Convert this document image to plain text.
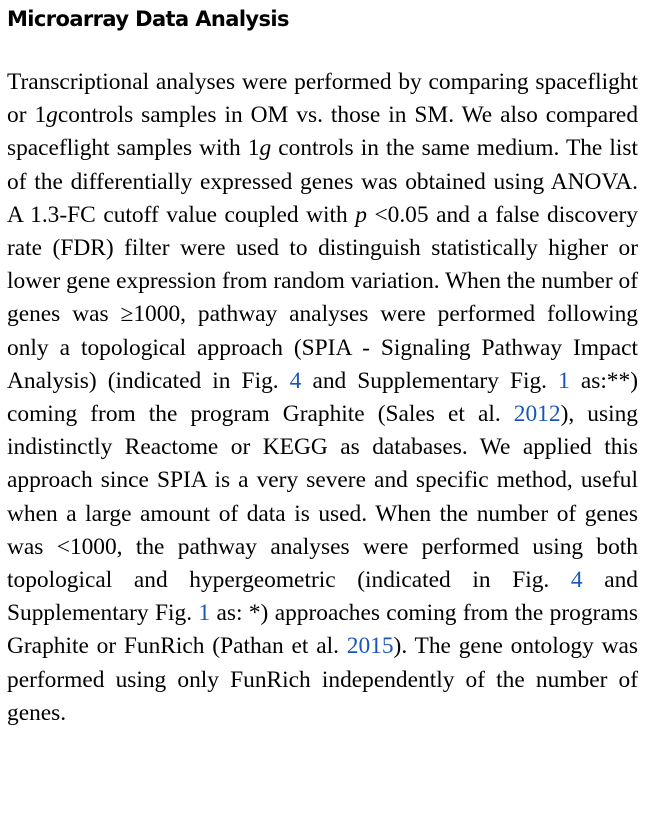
Microarray Data Analysis

Transcriptional analyses were performed by comparing spaceflight or 1gcontrols samples in OM vs. those in SM. We also compared spaceflight samples with 1g controls in the same medium. The list of the differentially expressed genes was obtained using ANOVA. A 1.3-FC cutoff value coupled with p <0.05 and a false discovery rate (FDR) filter were used to distinguish statistically higher or lower gene expression from random variation. When the number of genes was ≥1000, pathway analyses were performed following only a topological approach (SPIA - Signaling Pathway Impact Analysis) (indicated in Fig. 4 and Supplementary Fig. 1 as:**) coming from the program Graphite (Sales et al. 2012), using indistinctly Reactome or KEGG as databases. We applied this approach since SPIA is a very severe and specific method, useful when a large amount of data is used. When the number of genes was <1000, the pathway analyses were performed using both topological and hypergeometric (indicated in Fig. 4 and Supplementary Fig. 1 as: *) approaches coming from the programs Graphite or FunRich (Pathan et al. 2015). The gene ontology was performed using only FunRich independently of the number of genes.
